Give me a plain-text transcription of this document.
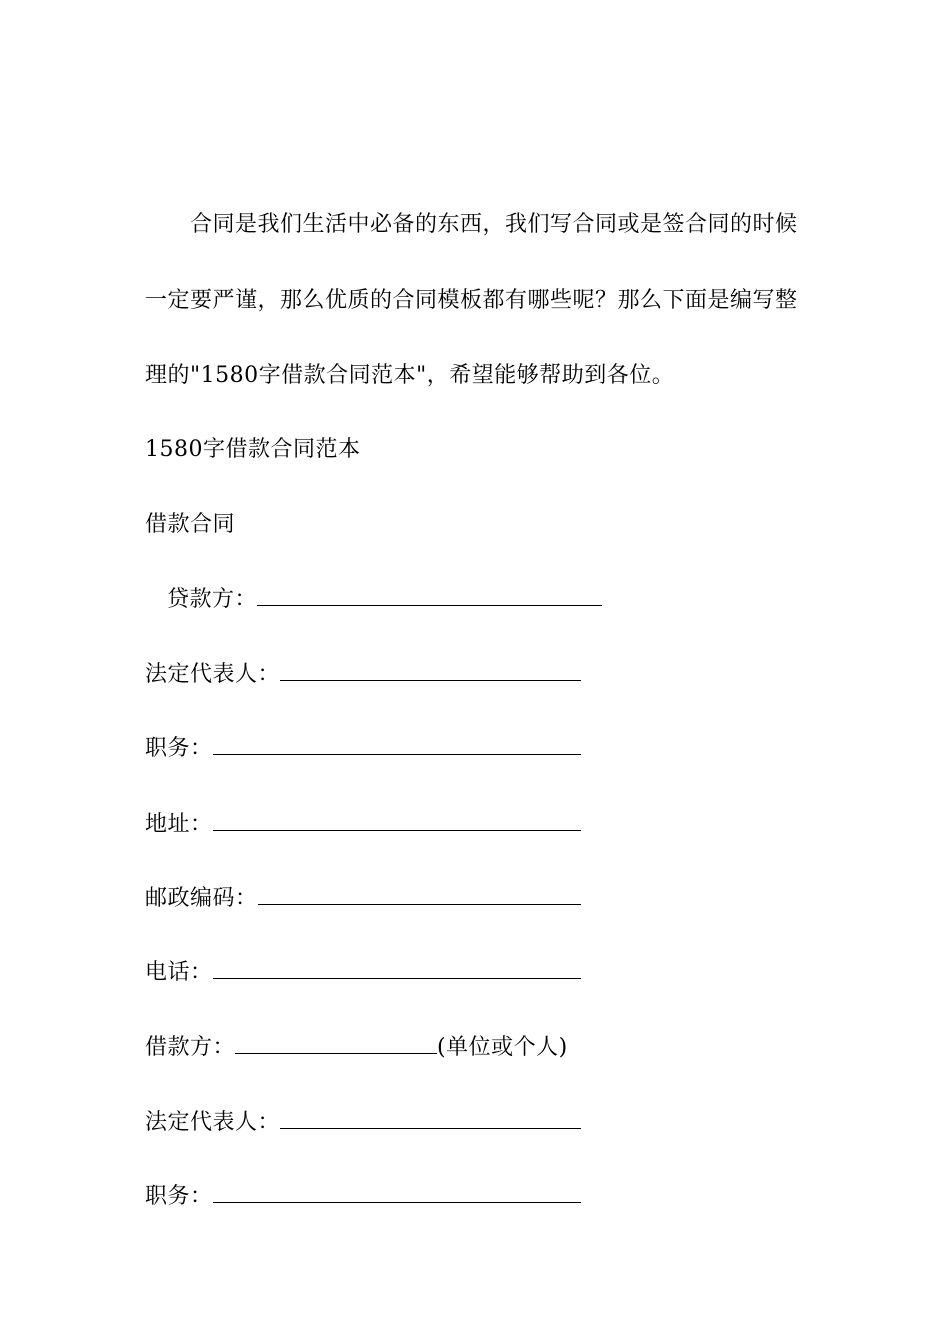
合同是我们生活中必备的东西，我们写合同或是签合同的时候
一定要严谨，那么优质的合同模板都有哪些呢？那么下面是编写整
理的"1580字借款合同范本"，希望能够帮助到各位。
1580字借款合同范本
借款合同
贷款方：
法定代表人：
职务：
地址：
邮政编码：
电话：
借款方：	(单位或个人)
法定代表人：
职务：
